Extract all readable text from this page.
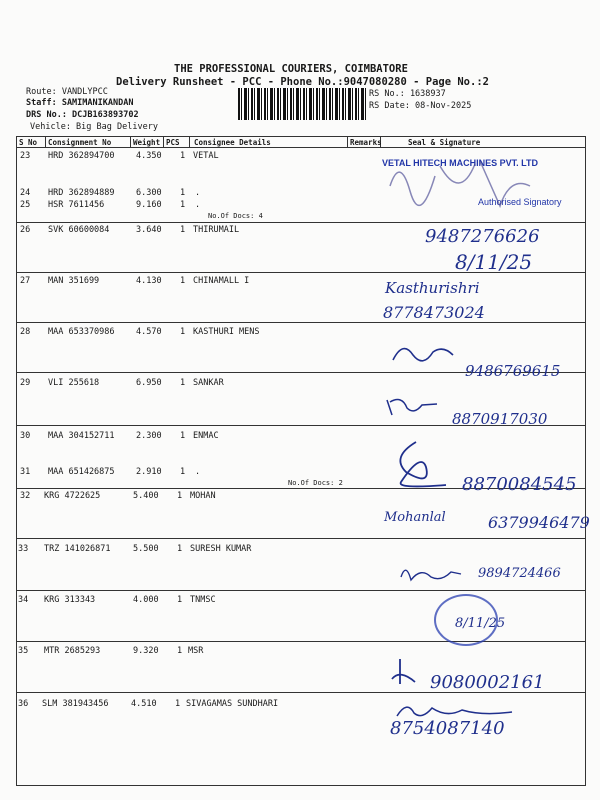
THE PROFESSIONAL COURIERS, COIMBATORE
Delivery Runsheet - PCC - Phone No.:9047080280 - Page No.:2
Route: VANDLYPCC
Staff: SAMIMANIKANDAN
DRS No.: DCJB163893702
Vehicle: Big Bag Delivery
RS No.: 1638937
RS Date: 08-Nov-2025
S No Consignment No	Weight PCS Consignee Details	Remarks	Seal & Signature
23 HRD 362894700	4.350 1 VETAL
24 HRD 362894889	6.300 1 .
25 HSR 7611456	9.160 1 .
No.Of Docs: 4
26 SVK 60600084	3.640 1 THIRUMAIL
27 MAN 351699	4.130 1 CHINAMALL I
28 MAA 653370986	4.570 1 KASTHURI MENS
29 VLI 255618	6.950 1 SANKAR
30 MAA 304152711	2.300 1 ENMAC
31 MAA 651426875	2.910 1 .
No.Of Docs: 2
32 KRG 4722625	5.400 1 MOHAN
33 TRZ 141026871	5.500 1 SURESH KUMAR
34 KRG 313343	4.000 1 TNMSC
35 MTR 2685293	9.320 1 MSR
36 SLM 381943456	4.510 1 SIVAGAMAS SUNDHARI
VETAL HITECH MACHINES PVT. LTD
Authorised Signatory
9487276626
8/11/25
Kasthurishri
8778473024
9486769615
8870917030
8870084545
Mohanlal	6379946479
9894724466
8/11/25
9080002161
8754087140
